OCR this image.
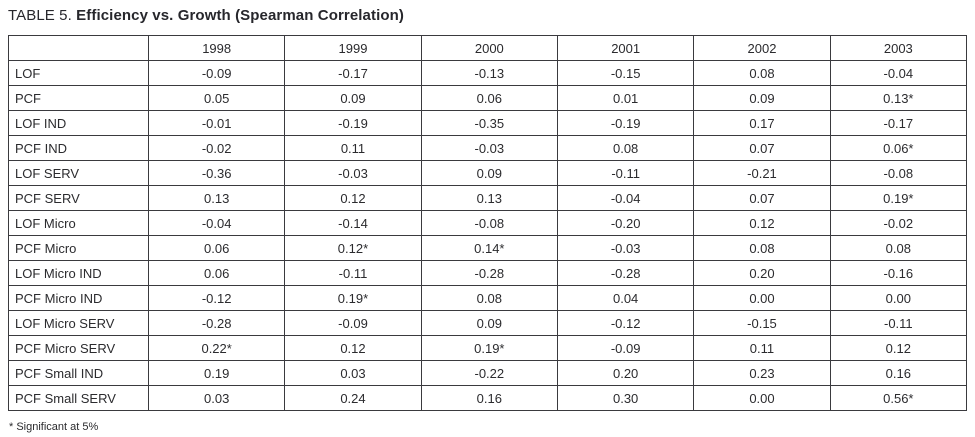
TABLE 5. Efficiency vs. Growth (Spearman Correlation)
	1998	1999	2000	2001	2002	2003
LOF	-0.09	-0.17	-0.13	-0.15	0.08	-0.04
PCF	0.05	0.09	0.06	0.01	0.09	0.13*
LOF IND	-0.01	-0.19	-0.35	-0.19	0.17	-0.17
PCF IND	-0.02	0.11	-0.03	0.08	0.07	0.06*
LOF SERV	-0.36	-0.03	0.09	-0.11	-0.21	-0.08
PCF SERV	0.13	0.12	0.13	-0.04	0.07	0.19*
LOF Micro	-0.04	-0.14	-0.08	-0.20	0.12	-0.02
PCF Micro	0.06	0.12*	0.14*	-0.03	0.08	0.08
LOF Micro IND	0.06	-0.11	-0.28	-0.28	0.20	-0.16
PCF Micro IND	-0.12	0.19*	0.08	0.04	0.00	0.00
LOF Micro SERV	-0.28	-0.09	0.09	-0.12	-0.15	-0.11
PCF Micro SERV	0.22*	0.12	0.19*	-0.09	0.11	0.12
PCF Small IND	0.19	0.03	-0.22	0.20	0.23	0.16
PCF Small SERV	0.03	0.24	0.16	0.30	0.00	0.56*
* Significant at 5%
